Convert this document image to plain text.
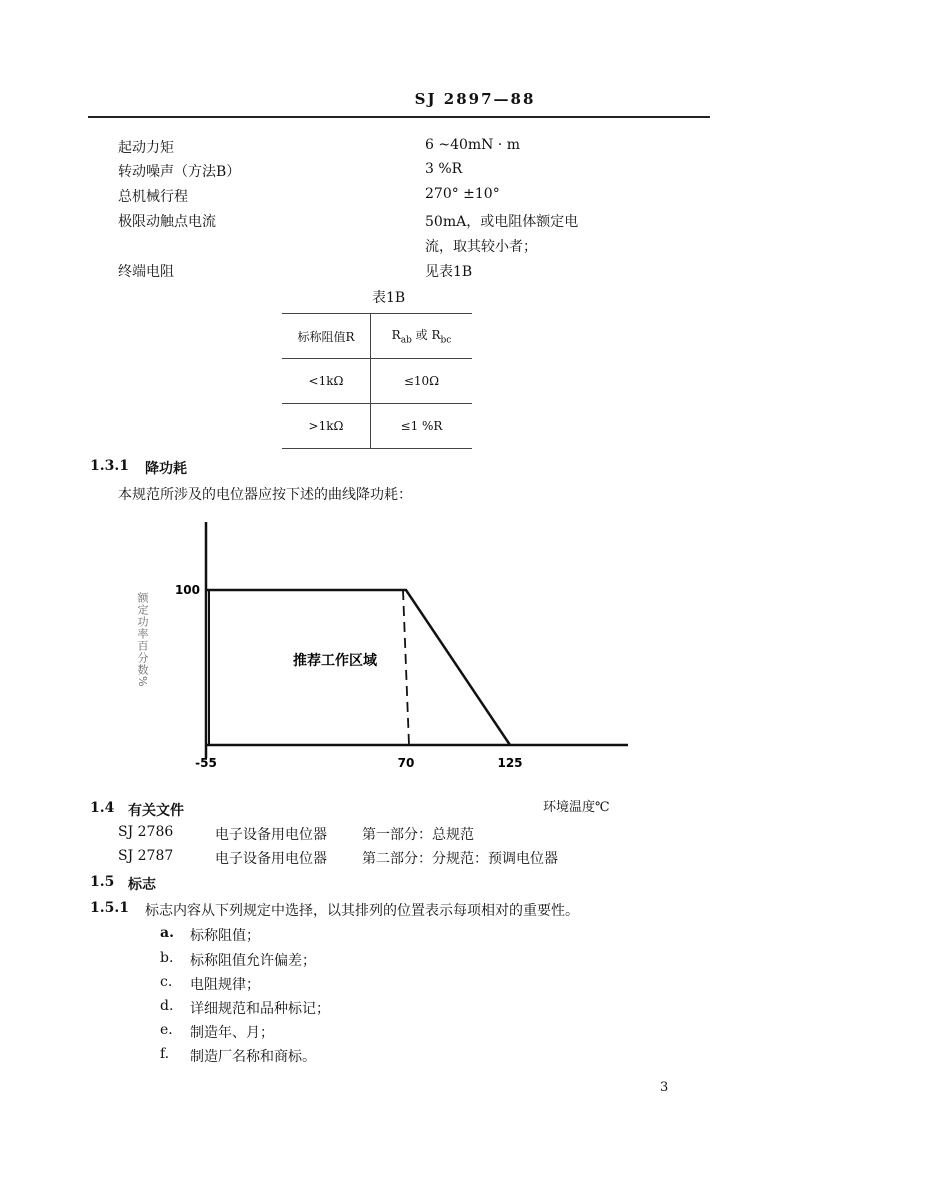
SJ 2897—88
起动力矩	6 ~40mN · m
转动噪声（方法B）	3 %R
总机械行程	270° ±10°
极限动触点电流	50mA，或电阻体额定电
流，取其较小者；
终端电阻	见表1B
表1B
标称阻值R	$R_{ab}$ 或 $R_{bc}$
<1kΩ	≤10Ω
>1kΩ	≤1 %R
1.3.1 降功耗
本规范所涉及的电位器应按下述的曲线降功耗：
额定功率百分数%
100
-55	70	125
推荐工作区域
环境温度℃
1.4 有关文件
SJ 2786	电子设备用电位器	第一部分：总规范
SJ 2787	电子设备用电位器	第二部分：分规范：预调电位器
1.5 标志
1.5.1 标志内容从下列规定中选择，以其排列的位置表示每项相对的重要性。
a. 标称阻值；
b. 标称阻值允许偏差；
c. 电阻规律；
d. 详细规范和品种标记；
e. 制造年、月；
f. 制造厂名称和商标。
3
